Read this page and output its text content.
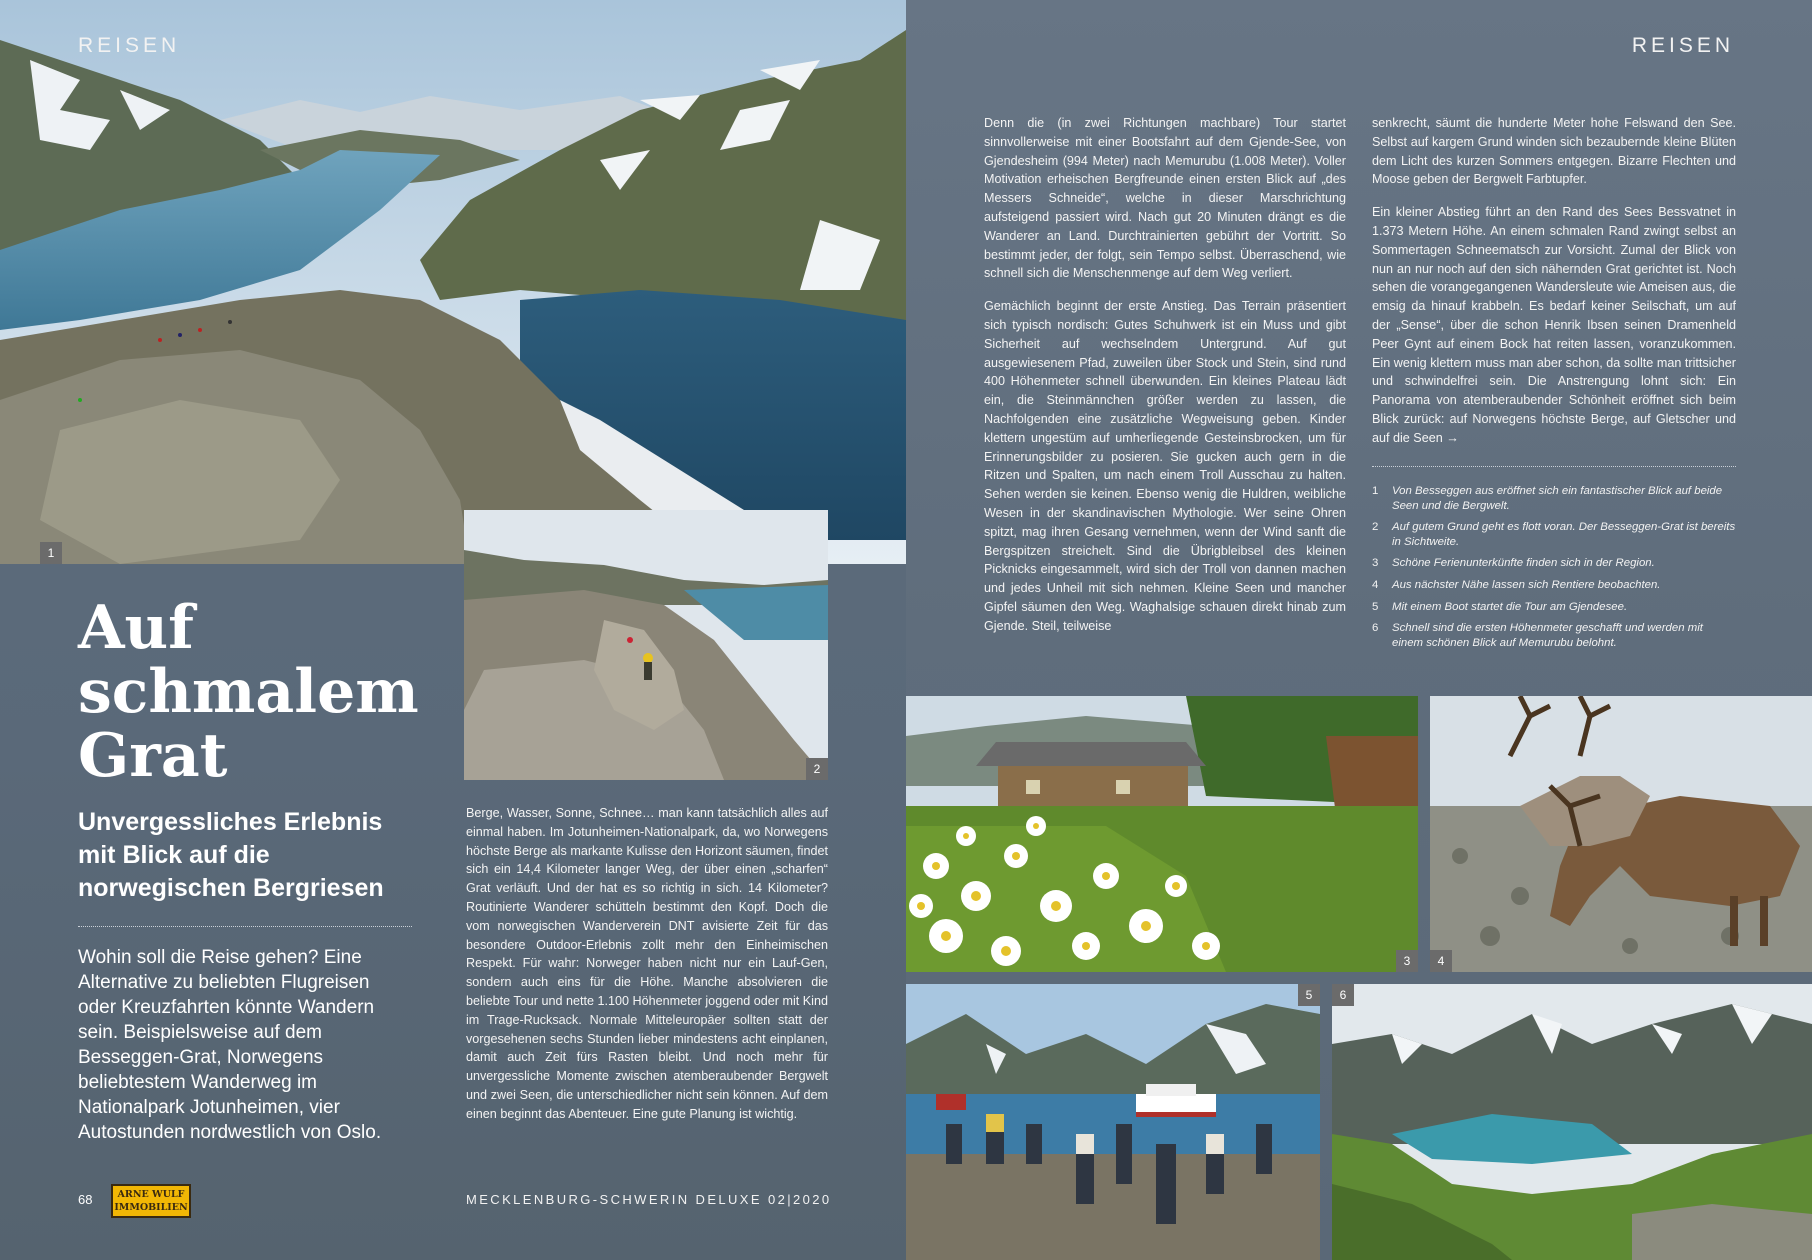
REISEN
1
2
Auf
schmalem
Grat
Unvergessliches Erlebnis
mit Blick auf die
norwegischen Bergriesen

Wohin soll die Reise gehen? Eine Alternative zu beliebten Flugreisen oder Kreuzfahrten könnte Wandern sein. Beispielsweise auf dem Besseggen-Grat, Norwegens beliebtestem Wanderweg im Nationalpark Jotunheimen, vier Autostunden nordwestlich von Oslo.

Berge, Wasser, Sonne, Schnee… man kann tatsächlich alles auf einmal haben. Im Jotunheimen-Nationalpark, da, wo Norwegens höchste Berge als markante Kulisse den Horizont säumen, findet sich ein 14,4 Kilometer langer Weg, der über einen „scharfen“ Grat verläuft. Und der hat es so richtig in sich. 14 Kilometer? Routinierte Wanderer schütteln bestimmt den Kopf. Doch die vom norwegischen Wanderverein DNT avisierte Zeit für das besondere Outdoor-Erlebnis zollt mehr den Einheimischen Respekt. Für wahr: Norweger haben nicht nur ein Lauf-Gen, sondern auch eins für die Höhe. Manche absolvieren die beliebte Tour und nette 1.100 Höhenmeter joggend oder mit Kind im Trage-Rucksack. Normale Mitteleuropäer sollten statt der vorgesehenen sechs Stunden lieber mindestens acht einplanen, damit auch Zeit fürs Rasten bleibt. Und noch mehr für unvergessliche Momente zwischen atemberaubender Bergwelt und zwei Seen, die unterschiedlicher nicht sein können. Auf dem einen beginnt das Abenteuer. Eine gute Planung ist wichtig.

68	ARNE WULF
IMMOBILIEN
MECKLENBURG-SCHWERIN DELUXE 02|2020
REISEN

Denn die (in zwei Richtungen machbare) Tour startet sinnvollerweise mit einer Bootsfahrt auf dem Gjende-See, von Gjendesheim (994 Meter) nach Memurubu (1.008 Meter). Voller Motivation erheischen Bergfreunde einen ersten Blick auf „des Messers Schneide“, welche in dieser Marschrichtung aufsteigend passiert wird. Nach gut 20 Minuten drängt es die Wanderer an Land. Durchtrainierten gebührt der Vortritt. So bestimmt jeder, der folgt, sein Tempo selbst. Überraschend, wie schnell sich die Menschenmenge auf dem Weg verliert.

Gemächlich beginnt der erste Anstieg. Das Terrain präsentiert sich typisch nordisch: Gutes Schuhwerk ist ein Muss und gibt Sicherheit auf wechselndem Untergrund. Auf gut ausgewiesenem Pfad, zuweilen über Stock und Stein, sind rund 400 Höhenmeter schnell überwunden. Ein kleines Plateau lädt ein, die Steinmännchen größer werden zu lassen, die Nachfolgenden eine zusätzliche Wegweisung geben. Kinder klettern ungestüm auf umherliegende Gesteinsbrocken, um für Erinnerungsbilder zu posieren. Sie gucken auch gern in die Ritzen und Spalten, um nach einem Troll Ausschau zu halten. Sehen werden sie keinen. Ebenso wenig die Huldren, weibliche Wesen in der skandinavischen Mythologie. Wer seine Ohren spitzt, mag ihren Gesang vernehmen, wenn der Wind sanft die Bergspitzen streichelt. Sind die Übrigbleibsel des kleinen Picknicks eingesammelt, wird sich der Troll von dannen machen und jedes Unheil mit sich nehmen. Kleine Seen und mancher Gipfel säumen den Weg. Waghalsige schauen direkt hinab zum Gjende. Steil, teilweise

senkrecht, säumt die hunderte Meter hohe Felswand den See. Selbst auf kargem Grund winden sich bezaubernde kleine Blüten dem Licht des kurzen Sommers entgegen. Bizarre Flechten und Moose geben der Bergwelt Farbtupfer.

Ein kleiner Abstieg führt an den Rand des Sees Bessvatnet in 1.373 Metern Höhe. An einem schmalen Rand zwingt selbst an Sommertagen Schneematsch zur Vorsicht. Zumal der Blick von nun an nur noch auf den sich nähernden Grat gerichtet ist. Noch sehen die vorangegangenen Wandersleute wie Ameisen aus, die emsig da hinauf krabbeln. Es bedarf keiner Seilschaft, um auf der „Sense“, über die schon Henrik Ibsen seinen Dramenheld Peer Gynt auf einem Bock hat reiten lassen, voranzukommen. Ein wenig klettern muss man aber schon, da sollte man trittsicher und schwindelfrei sein. Die Anstrengung lohnt sich: Ein Panorama von atemberaubender Schönheit eröffnet sich beim Blick zurück: auf Norwegens höchste Berge, auf Gletscher und auf die Seen →

1 Von Besseggen aus eröffnet sich ein fantastischer Blick auf beide Seen und die Bergwelt.
2 Auf gutem Grund geht es flott voran. Der Besseggen-Grat ist bereits in Sichtweite.
3 Schöne Ferienunterkünfte finden sich in der Region.
4 Aus nächster Nähe lassen sich Rentiere beobachten.
5 Mit einem Boot startet die Tour am Gjendesee.
6 Schnell sind die ersten Höhenmeter geschafft und werden mit einem schönen Blick auf Memurubu belohnt.
3	4
5	6
